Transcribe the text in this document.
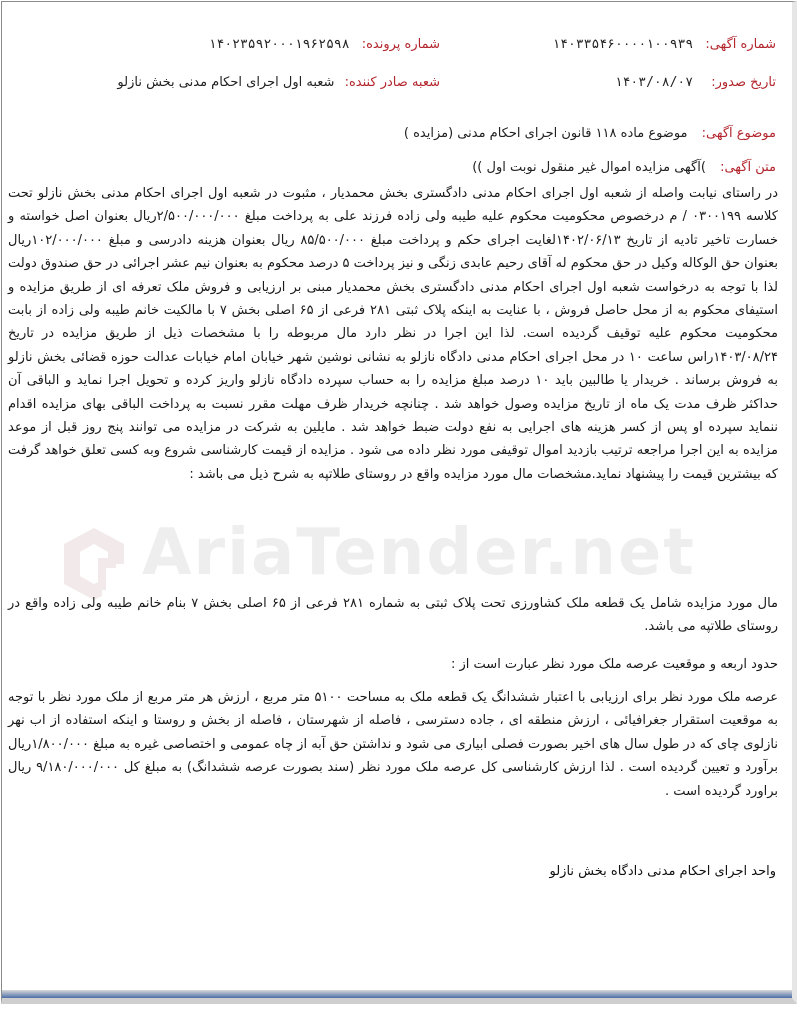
AriaTender.net
شماره آگهی: ۱۴۰۳۳۵۴۶۰۰۰۰۱۰۰۹۳۹
شماره پرونده: ۱۴۰۲۳۵۹۲۰۰۰۱۹۶۲۵۹۸
تاریخ صدور: ۱۴۰۳/۰۸/۰۷
شعبه صادر کننده: شعبه اول اجرای احکام مدنی بخش نازلو
موضوع آگهی: موضوع ماده ۱۱۸ قانون اجرای احکام مدنی (مزایده )
متن آگهی: )آگهی مزایده اموال غیر منقول نوبت اول ))
در راستای نیابت واصله از شعبه اول اجرای احکام مدنی دادگستری بخش محمدیار ، مثبوت در شعبه اول اجرای احکام مدنی بخش نازلو تحت کلاسه ۰۳۰۰۱۹۹ / م درخصوص محکومیت محکوم علیه طیبه ولی زاده فرزند علی به پرداخت مبلغ ۲/۵۰۰/۰۰۰/۰۰۰ریال بعنوان اصل خواسته و خسارت تاخیر تادیه از تاریخ ۱۴۰۲/۰۶/۱۳لغایت اجرای حکم و پرداخت مبلغ ۸۵/۵۰۰/۰۰۰ ریال بعنوان هزینه دادرسی و مبلغ ۱۰۲/۰۰۰/۰۰۰ریال بعنوان حق الوکاله وکیل در حق محکوم له آقای رحیم عابدی زنگی و نیز پرداخت ۵ درصد محکوم به بعنوان نیم عشر اجرائی در حق صندوق دولت لذا با توجه به درخواست شعبه اول اجرای احکام مدنی دادگستری بخش محمدیار مبنی بر ارزیابی و فروش ملک تعرفه ای از طریق مزایده و استیفای محکوم به از محل حاصل فروش ، با عنایت به اینکه پلاک ثبتی ۲۸۱ فرعی از ۶۵ اصلی بخش ۷ با مالکیت خانم طیبه ولی زاده از بابت محکومیت محکوم علیه توقیف گردیده است. لذا این اجرا در نظر دارد مال مربوطه را با مشخصات ذیل از طریق مزایده در تاریخ ۱۴۰۳/۰۸/۲۴راس ساعت ۱۰ در محل اجرای احکام مدنی دادگاه نازلو به نشانی نوشین شهر خیابان امام خیابات عدالت حوزه قضائی بخش نازلو به فروش برساند . خریدار یا طالبین باید ۱۰ درصد مبلغ مزایده را به حساب سپرده دادگاه نازلو واریز کرده و تحویل اجرا نماید و الباقی آن حداکثر ظرف مدت یک ماه از تاریخ مزایده وصول خواهد شد . چنانچه خریدار ظرف مهلت مقرر نسبت به پرداخت الباقی بهای مزایده اقدام ننماید سپرده او پس از کسر هزینه های اجرایی به نفع دولت ضبط خواهد شد . مایلین به شرکت در مزایده می توانند پنج روز قبل از موعد مزایده به این اجرا مراجعه ترتیب بازدید اموال توقیفی مورد نظر داده می شود . مزایده از قیمت کارشناسی شروع وبه کسی تعلق خواهد گرفت که بیشترین قیمت را پیشنهاد نماید.مشخصات مال مورد مزایده واقع در روستای طلاتپه به شرح ذیل می باشد :
مال مورد مزایده شامل یک قطعه ملک کشاورزی تحت پلاک ثبتی به شماره ۲۸۱ فرعی از ۶۵ اصلی بخش ۷ بنام خانم طیبه ولی زاده واقع در روستای طلاتپه می باشد.
حدود اربعه و موقعیت عرصه ملک مورد نظر عبارت است از :
عرصه ملک مورد نظر برای ارزیابی با اعتبار ششدانگ یک قطعه ملک به مساحت ۵۱۰۰ متر مربع ، ارزش هر متر مربع از ملک مورد نظر با توجه به موقعیت استقرار جغرافیائی ، ارزش منطقه ای ، جاده دسترسی ، فاصله از شهرستان ، فاصله از بخش و روستا و اینکه استفاده از اب نهر نازلوی چای که در طول سال های اخیر بصورت فصلی ابیاری می شود و نداشتن حق آبه از چاه عمومی و اختصاصی غیره به مبلغ ۱/۸۰۰/۰۰۰ریال برآورد و تعیین گردیده است . لذا ارزش کارشناسی کل عرصه ملک مورد نظر (سند بصورت عرصه ششدانگ) به مبلغ کل ۹/۱۸۰/۰۰۰/۰۰۰ ریال براورد گردیده است .
واحد اجرای احکام مدنی دادگاه بخش نازلو
